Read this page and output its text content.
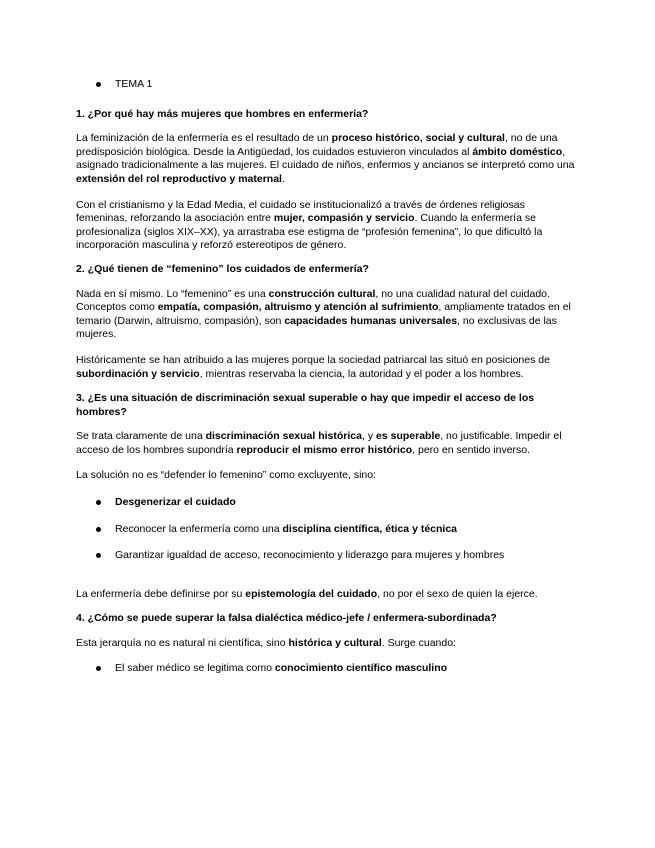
TEMA 1

1. ¿Por qué hay más mujeres que hombres en enfermería?

La feminización de la enfermería es el resultado de un proceso histórico, social y cultural, no de una predisposición biológica. Desde la Antigüedad, los cuidados estuvieron vinculados al ámbito doméstico, asignado tradicionalmente a las mujeres. El cuidado de niños, enfermos y ancianos se interpretó como una extensión del rol reproductivo y maternal.

Con el cristianismo y la Edad Media, el cuidado se institucionalizó a través de órdenes religiosas femeninas, reforzando la asociación entre mujer, compasión y servicio. Cuando la enfermería se profesionaliza (siglos XIX–XX), ya arrastraba ese estigma de “profesión femenina”, lo que dificultó la incorporación masculina y reforzó estereotipos de género.

2. ¿Qué tienen de “femenino” los cuidados de enfermería?

Nada en sí mismo. Lo “femenino” es una construcción cultural, no una cualidad natural del cuidado. Conceptos como empatía, compasión, altruismo y atención al sufrimiento, ampliamente tratados en el temario (Darwin, altruismo, compasión), son capacidades humanas universales, no exclusivas de las mujeres.

Históricamente se han atribuido a las mujeres porque la sociedad patriarcal las situó en posiciones de subordinación y servicio, mientras reservaba la ciencia, la autoridad y el poder a los hombres.

3. ¿Es una situación de discriminación sexual superable o hay que impedir el acceso de los hombres?

Se trata claramente de una discriminación sexual histórica, y es superable, no justificable. Impedir el acceso de los hombres supondría reproducir el mismo error histórico, pero en sentido inverso.

La solución no es “defender lo femenino” como excluyente, sino:

Desgenerizar el cuidado

Reconocer la enfermería como una disciplina científica, ética y técnica

Garantizar igualdad de acceso, reconocimiento y liderazgo para mujeres y hombres

La enfermería debe definirse por su epistemología del cuidado, no por el sexo de quien la ejerce.

4. ¿Cómo se puede superar la falsa dialéctica médico-jefe / enfermera-subordinada?

Esta jerarquía no es natural ni científica, sino histórica y cultural. Surge cuando:

El saber médico se legitima como conocimiento científico masculino
